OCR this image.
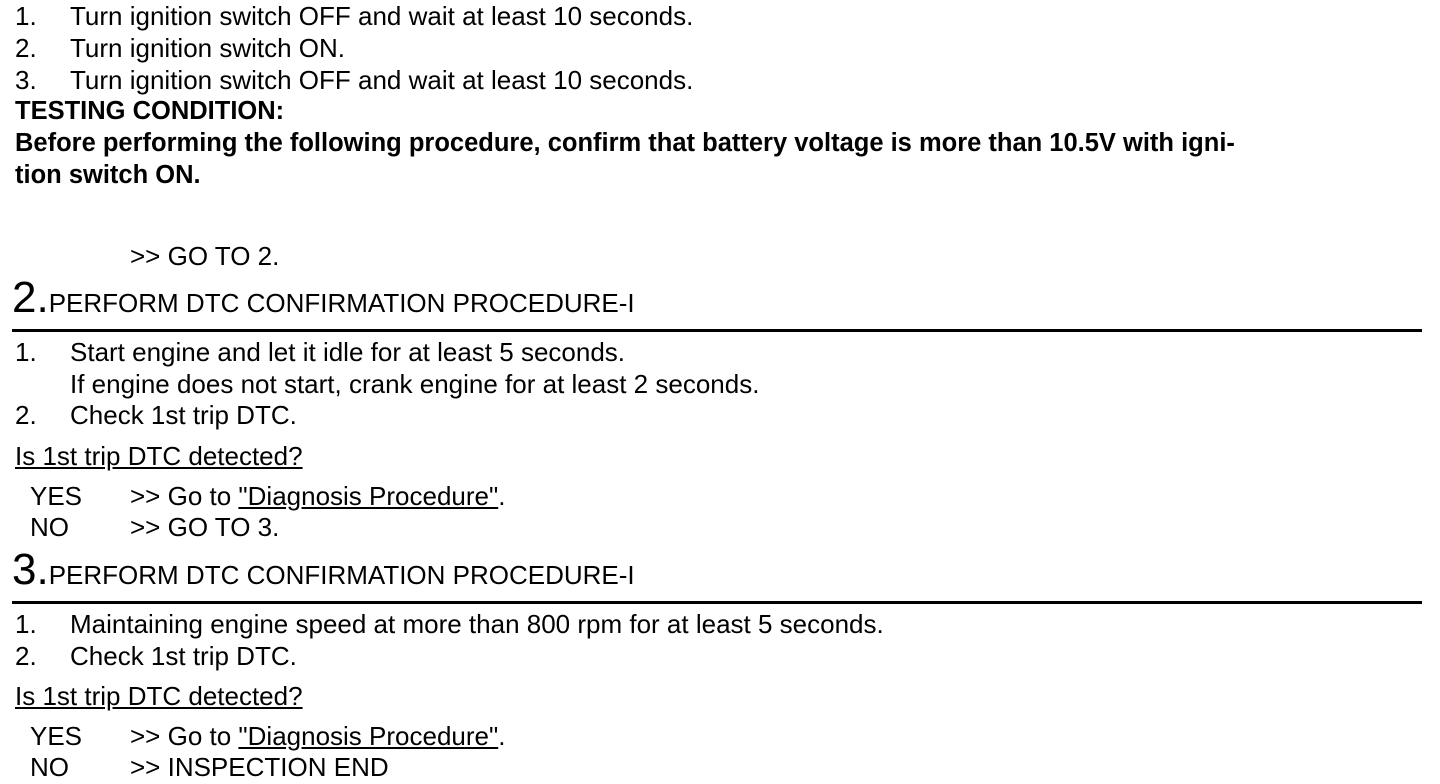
1. Turn ignition switch OFF and wait at least 10 seconds.
2. Turn ignition switch ON.
3. Turn ignition switch OFF and wait at least 10 seconds.
TESTING CONDITION:
Before performing the following procedure, confirm that battery voltage is more than 10.5V with igni-
tion switch ON.
>> GO TO 2.
2.PERFORM DTC CONFIRMATION PROCEDURE-I
1. Start engine and let it idle for at least 5 seconds.
If engine does not start, crank engine for at least 2 seconds.
2. Check 1st trip DTC.
Is 1st trip DTC detected?
YES >> Go to "Diagnosis Procedure".
NO >> GO TO 3.
3.PERFORM DTC CONFIRMATION PROCEDURE-I
1. Maintaining engine speed at more than 800 rpm for at least 5 seconds.
2. Check 1st trip DTC.
Is 1st trip DTC detected?
YES >> Go to "Diagnosis Procedure".
NO >> INSPECTION END
